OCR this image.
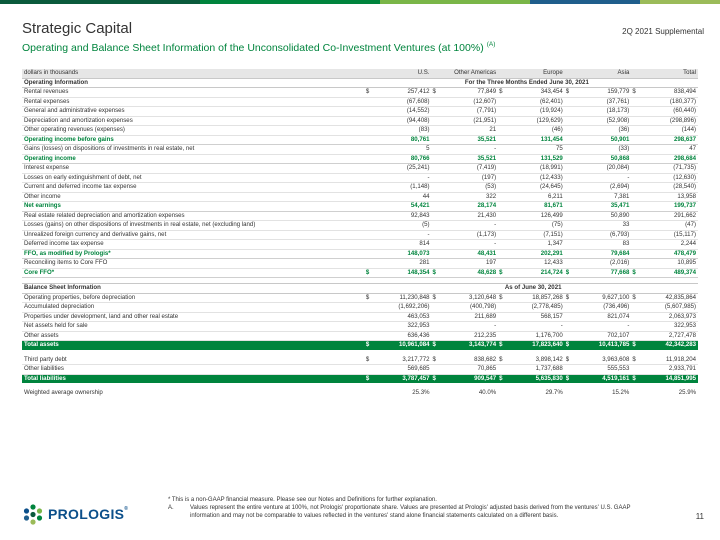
Strategic Capital
Operating and Balance Sheet Information of the Unconsolidated Co-Investment Ventures (at 100%) $^{(A)}$
2Q 2021 Supplemental
dollars in thousands		U.S.		Other Americas		Europe		Asia		Total
Operating Information	For the Three Months Ended June 30, 2021									
Rental revenues	$	257,412	$	77,849	$	343,454	$	159,779	$	838,494
Rental expenses		(67,608)		(12,607)		(62,401)		(37,761)		(180,377)
General and administrative expenses		(14,552)		(7,791)		(19,924)		(18,173)		(60,440)
Depreciation and amortization expenses		(94,408)		(21,951)		(129,629)		(52,908)		(298,896)
Other operating revenues (expenses)		(83)		21		(46)		(36)		(144)
Operating income before gains		80,761		35,521		131,454		50,901		298,637
Gains (losses) on dispositions of investments in real estate, net		5		-		75		(33)		47
Operating income		80,766		35,521		131,529		50,868		298,684
Interest expense		(25,241)		(7,419)		(18,991)		(20,084)		(71,735)
Losses on early extinguishment of debt, net		-		(197)		(12,433)		-		(12,630)
Current and deferred income tax expense		(1,148)		(53)		(24,645)		(2,694)		(28,540)
Other income		44		322		6,211		7,381		13,958
Net earnings		54,421		28,174		81,671		35,471		199,737
Real estate related depreciation and amortization expenses		92,843		21,430		126,499		50,890		291,662
Losses (gains) on other dispositions of investments in real estate, net (excluding land)		(5)		-		(75)		33		(47)
Unrealized foreign currency and derivative gains, net		-		(1,173)		(7,151)		(6,793)		(15,117)
Deferred income tax expense		814		-		1,347		83		2,244
FFO, as modified by Prologis*		148,073		48,431		202,291		79,684		478,479
Reconciling items to Core FFO		281		197		12,433		(2,016)		10,895
Core FFO*	$	148,354	$	48,628	$	214,724	$	77,668	$	489,374

Balance Sheet Information	As of June 30, 2021									
Operating properties, before depreciation	$	11,230,848	$	3,120,648	$	18,857,268	$	9,627,100	$	42,835,864
Accumulated depreciation		(1,692,206)		(400,798)		(2,778,485)		(736,496)		(5,607,985)
Properties under development, land and other real estate		463,053		211,689		568,157		821,074		2,063,973
Net assets held for sale		322,953		-		-		-		322,953
Other assets		636,436		212,235		1,176,700		702,107		2,727,478
Total assets	$	10,961,084	$	3,143,774	$	17,823,640	$	10,413,785	$	42,342,283

Third party debt	$	3,217,772	$	838,682	$	3,898,142	$	3,963,608	$	11,918,204
Other liabilities		569,685		70,865		1,737,688		555,553		2,933,791
Total liabilities	$	3,787,457	$	909,547	$	5,635,830	$	4,519,161	$	14,851,995

Weighted average ownership		25.3%		40.0%		29.7%		15.2%		25.9%
PROLOGIS®
* This is a non-GAAP financial measure. Please see our Notes and Definitions for further explanation.
A.	Values represent the entire venture at 100%, not Prologis' proportionate share. Values are presented at Prologis' adjusted basis derived from the ventures' U.S. GAAP information and may not be comparable to values reflected in the ventures' stand alone financial statements calculated on a different basis.	11
